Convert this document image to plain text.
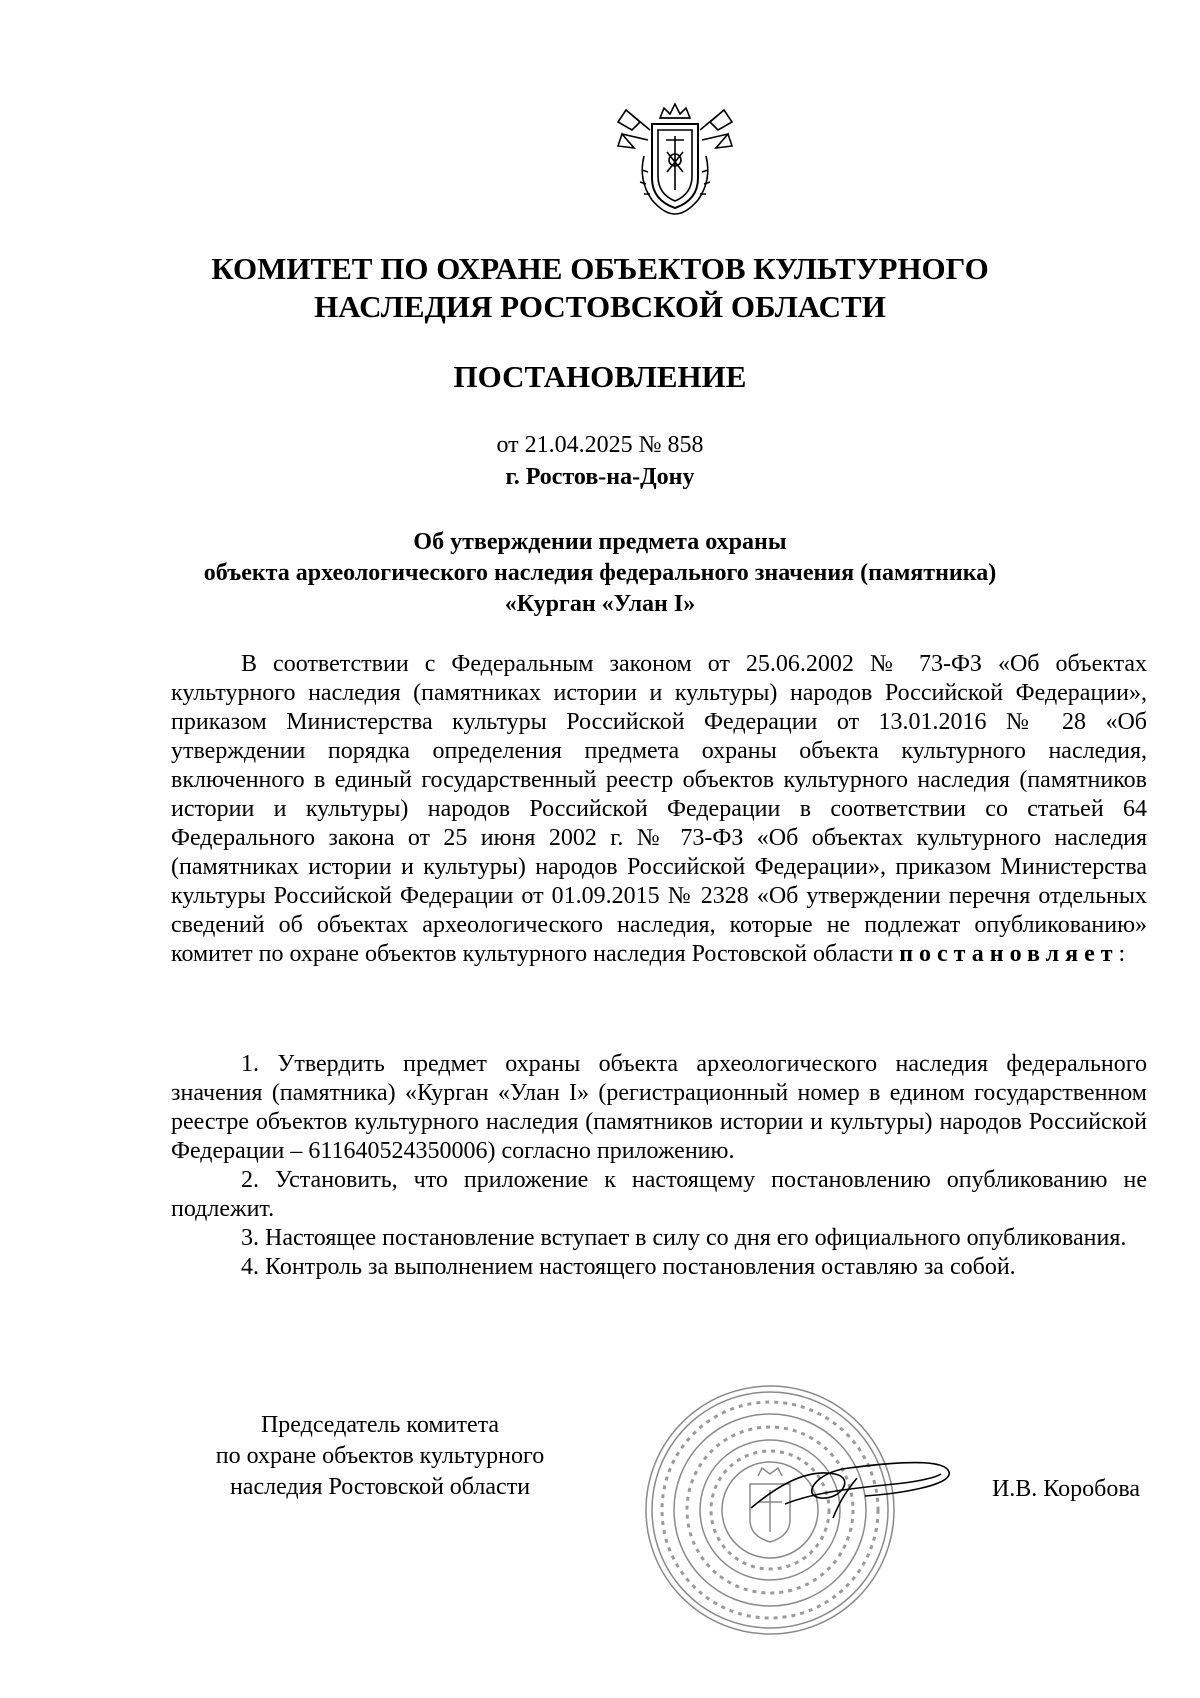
КОМИТЕТ ПО ОХРАНЕ ОБЪЕКТОВ КУЛЬТУРНОГО
НАСЛЕДИЯ РОСТОВСКОЙ ОБЛАСТИ
ПОСТАНОВЛЕНИЕ
от 21.04.2025 № 858
г. Ростов-на-Дону
Об утверждении предмета охраны
объекта археологического наследия федерального значения (памятника)
«Курган «Улан I»
В соответствии с Федеральным законом от 25.06.2002 № 73-ФЗ «Об объектах культурного наследия (памятниках истории и культуры) народов Российской Федерации», приказом Министерства культуры Российской Федерации от 13.01.2016 № 28 «Об утверждении порядка определения предмета охраны объекта культурного наследия, включенного в единый государственный реестр объектов культурного наследия (памятников истории и культуры) народов Российской Федерации в соответствии со статьей 64 Федерального закона от 25 июня 2002 г. № 73-ФЗ «Об объектах культурного наследия (памятниках истории и культуры) народов Российской Федерации», приказом Министерства культуры Российской Федерации от 01.09.2015 № 2328 «Об утверждении перечня отдельных сведений об объектах археологического наследия, которые не подлежат опубликованию» комитет по охране объектов культурного наследия Ростовской области постановляет:

1. Утвердить предмет охраны объекта археологического наследия федерального значения (памятника) «Курган «Улан I» (регистрационный номер в едином государственном реестре объектов культурного наследия (памятников истории и культуры) народов Российской Федерации – 611640524350006) согласно приложению.

2. Установить, что приложение к настоящему постановлению опубликованию не подлежит.

3. Настоящее постановление вступает в силу со дня его официального опубликования.

4. Контроль за выполнением настоящего постановления оставляю за собой.

Председатель комитета
по охране объектов культурного
наследия Ростовской области	И.В. Коробова
